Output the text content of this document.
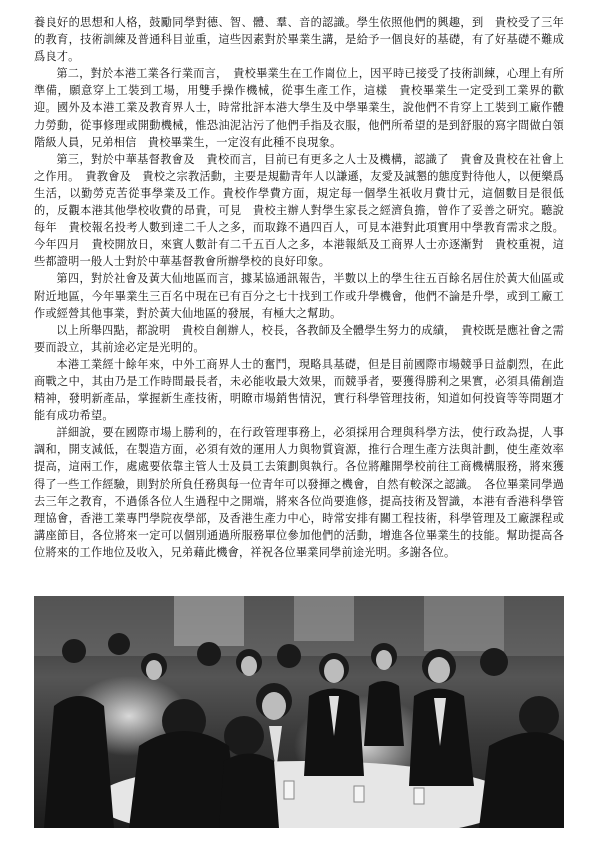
養良好的思想和人格，鼓勵同學對德、智、體、羣、音的認識。學生依照他們的興趣，到　貴校受了三年的教育，技術訓練及普通科目並重，這些因素對於畢業生講，是給予一個良好的基礎，有了好基礎不難成爲良才。

第二，對於本港工業各行業而言，　貴校畢業生在工作崗位上，因平時已接受了技術訓練，心理上有所準備，願意穿上工裝到工場，用雙手操作機械，從事生產工作，這樣　貴校畢業生一定受到工業界的歡迎。國外及本港工業及教育界人士，時常批評本港大學生及中學畢業生，說他們不肯穿上工裝到工廠作體力勞動，從事修理或開動機械，惟恐油泥沾污了他們手指及衣服，他們所希望的是到舒服的寫字間做白領階級人員，兄弟相信　貴校畢業生，一定沒有此種不良現象。

第三，對於中華基督教會及　貴校而言，目前已有更多之人士及機構，認識了　貴會及貴校在社會上之作用。　貴教會及　貴校之宗教活動，主要是規勸青年人以謙遜，友愛及誠懇的態度對待他人，以便樂爲生活，以勤勞克苦從事學業及工作。貴校作學費方面，規定每一個學生祇收月費廿元，這個數目是很低的，反觀本港其他學校收費的昂貴，可見　貴校主辦人對學生家長之經濟負擔，曾作了妥善之研究。聽說每年　貴校報名投考人數到達二千人之多，而取錄不過四百人，可見本港對此項實用中學教育需求之殷。今年四月　貴校開放日，來賓人數計有二千五百人之多，本港報紙及工商界人士亦逐漸對　貴校重視，這些都證明一般人士對於中華基督教會所辦學校的良好印象。

第四，對於社會及黃大仙地區而言，據某協通訊報告，半數以上的學生往五百餘名居住於黃大仙區或附近地區，今年畢業生三百名中現在已有百分之七十找到工作或升學機會，他們不論是升學，或到工廠工作或經營其他事業，對於黃大仙地區的發展，有極大之幫助。

以上所舉四點，都說明　貴校自創辦人，校長，各教師及全體學生努力的成績，　貴校既是應社會之需要而設立，其前途必定是光明的。

本港工業經十餘年來，中外工商界人士的奮鬥，現略具基礎，但是目前國際市場競爭日益劇烈，在此商戰之中，其由乃是工作時間最長者，未必能收最大效果，而競爭者，要獲得勝利之果實，必須具備創造精神，發明新產品，掌握新生產技術，明瞭市場銷售情況，實行科學管理技術，知道如何投資等等問題才能有成功希望。

詳細說，要在國際市場上勝利的，在行政管理事務上，必須採用合理與科學方法，使行政為提，人事調和，開支減低，在製造方面，必須有效的運用人力與物質資源，推行合理生產方法與計劃，使生產效率提高，這兩工作，處處要依靠主管人士及員工去策劃與執行。各位將離開學校前往工商機構服務，將來獲得了一些工作經驗，則對於所負任務與每一位青年可以發揮之機會，自然有較深之認識。　各位畢業同學過去三年之教育，不過係各位人生過程中之開端，將來各位尚要進修，提高技術及智識，本港有香港科學管理協會，香港工業專門學院夜學部，及香港生產力中心，時常安排有關工程技術，科學管理及工廠課程或講座節目，各位將來一定可以個別通過所服務單位參加他們的活動，增進各位畢業生的技能。幫助提高各位將來的工作地位及收入，兄弟藉此機會，祥祝各位畢業同學前途光明。多謝各位。
